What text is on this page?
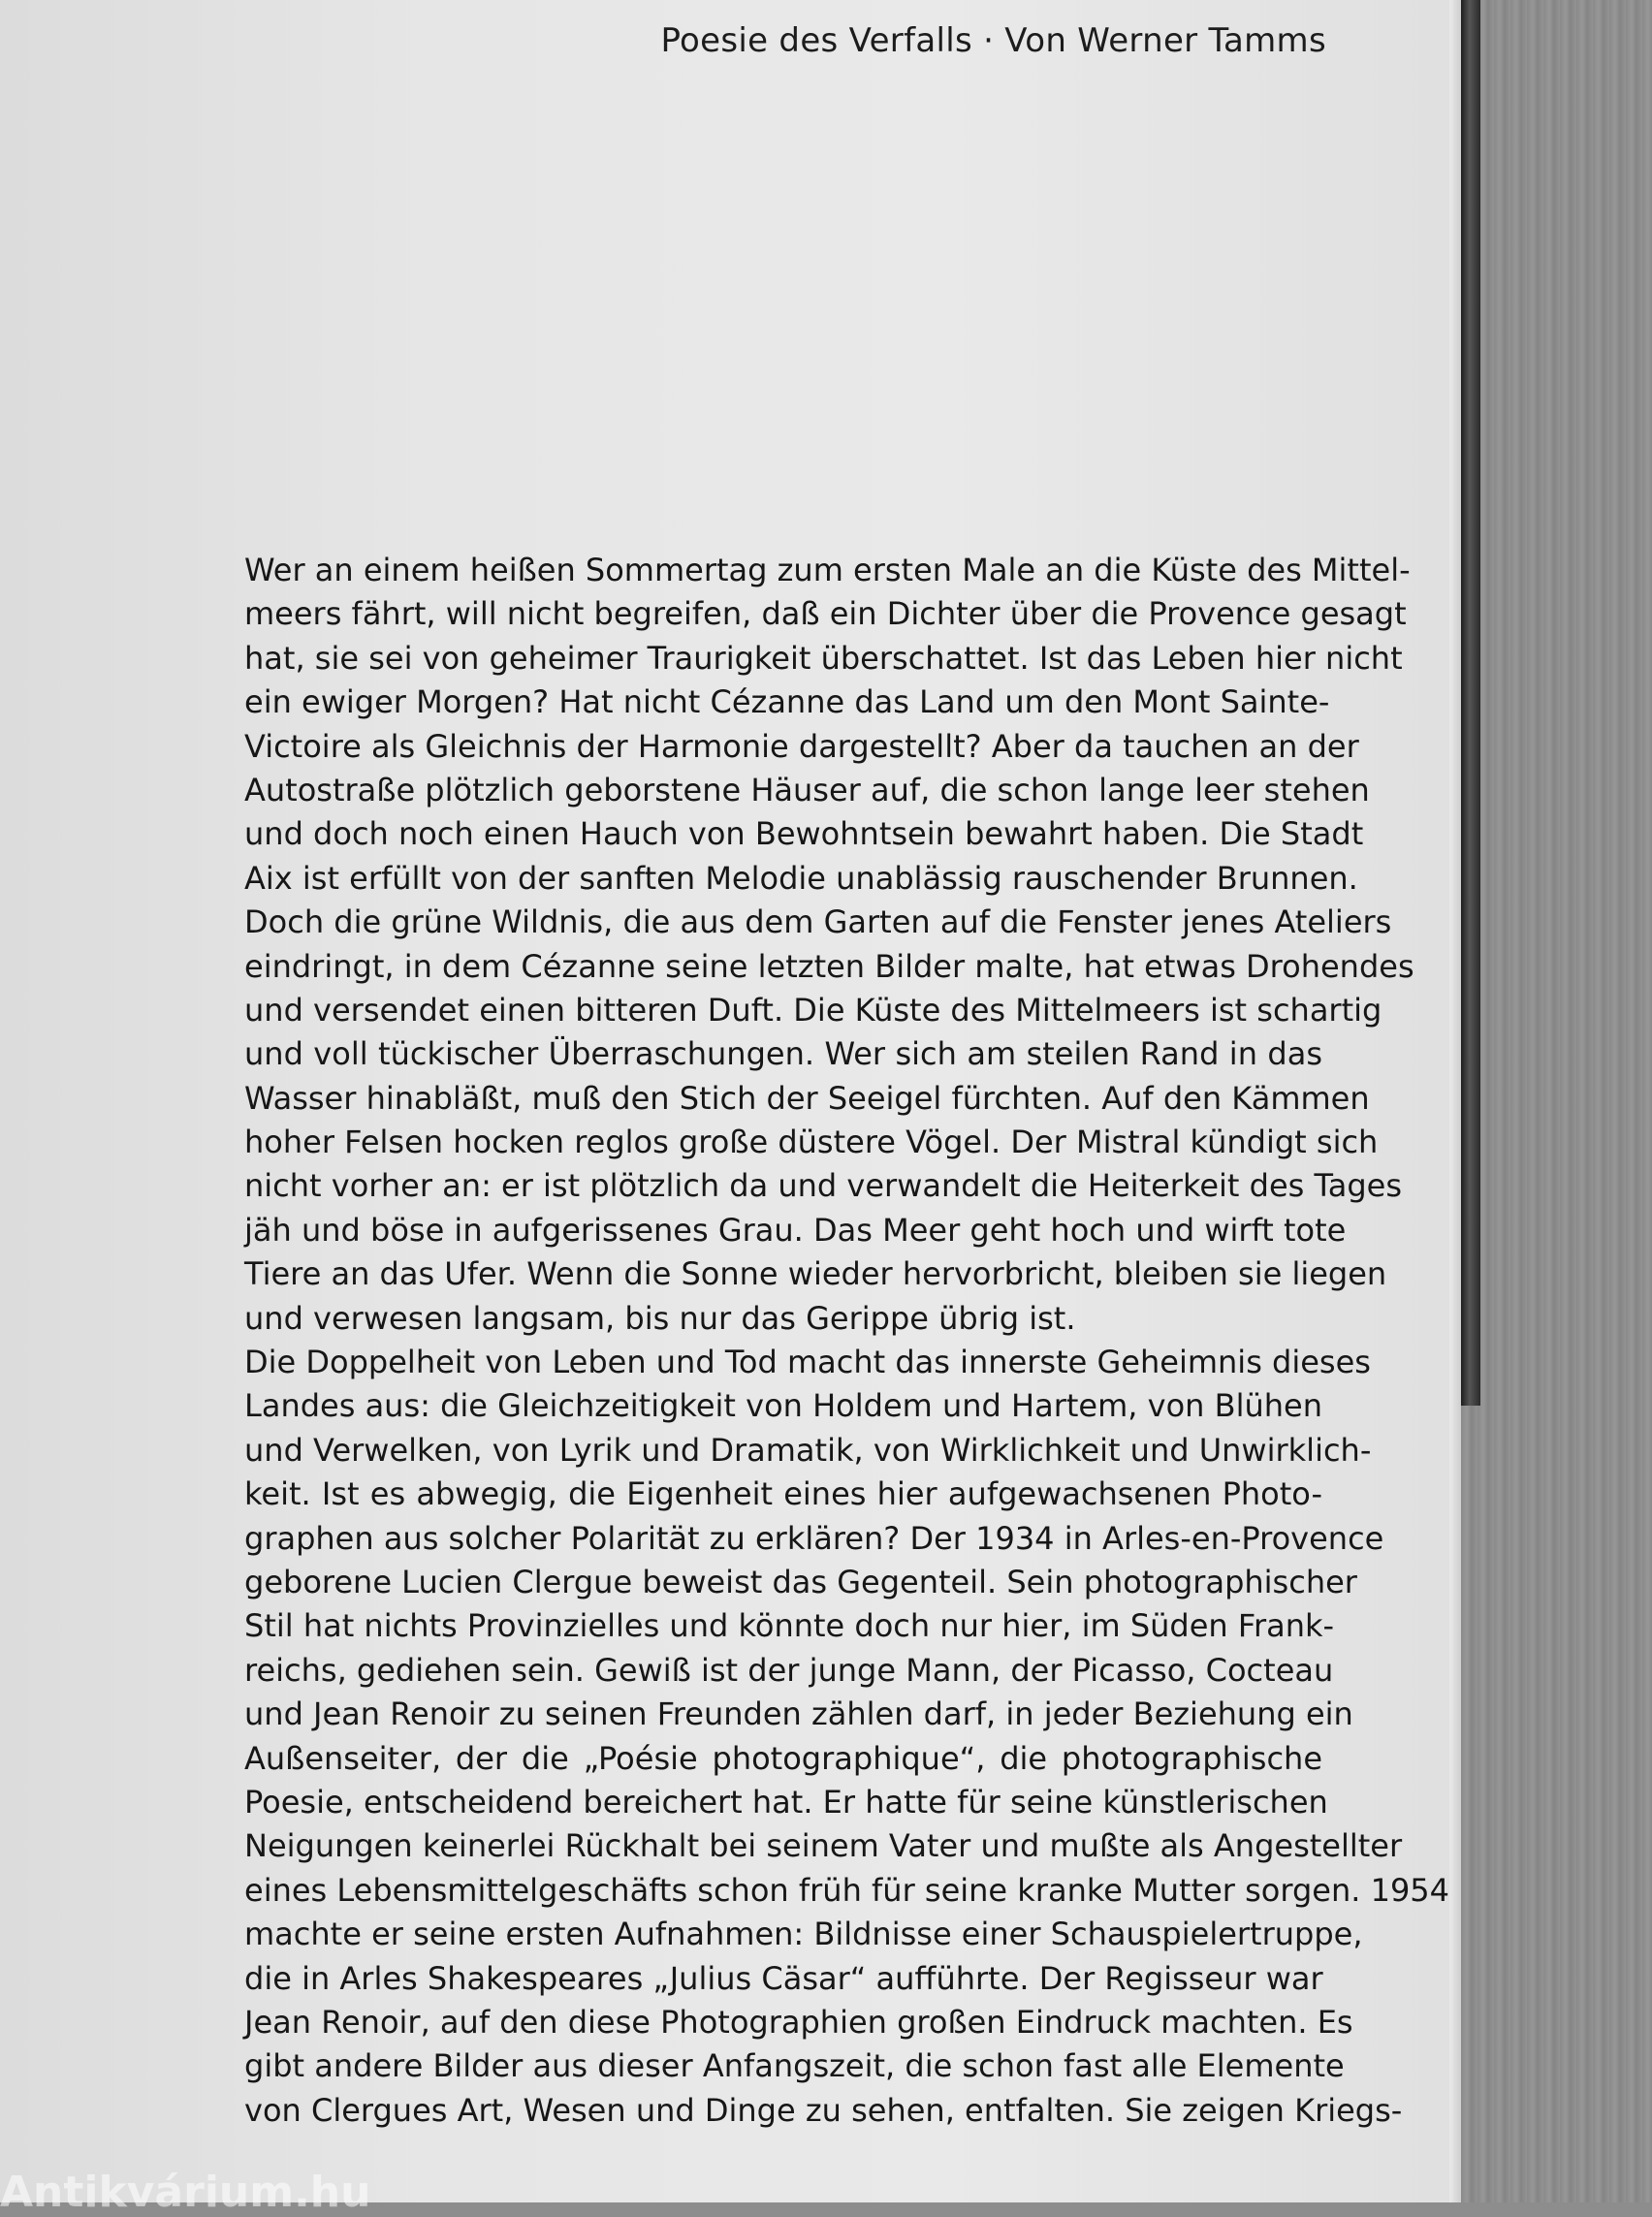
Poesie des Verfalls · Von Werner Tamms
Wer an einem heißen Sommertag zum ersten Male an die Küste des Mittel-
meers fährt, will nicht begreifen, daß ein Dichter über die Provence gesagt
hat, sie sei von geheimer Traurigkeit überschattet. Ist das Leben hier nicht
ein ewiger Morgen? Hat nicht Cézanne das Land um den Mont Sainte-
Victoire als Gleichnis der Harmonie dargestellt? Aber da tauchen an der
Autostraße plötzlich geborstene Häuser auf, die schon lange leer stehen
und doch noch einen Hauch von Bewohntsein bewahrt haben. Die Stadt
Aix ist erfüllt von der sanften Melodie unablässig rauschender Brunnen.
Doch die grüne Wildnis, die aus dem Garten auf die Fenster jenes Ateliers
eindringt, in dem Cézanne seine letzten Bilder malte, hat etwas Drohendes
und versendet einen bitteren Duft. Die Küste des Mittelmeers ist schartig
und voll tückischer Überraschungen. Wer sich am steilen Rand in das
Wasser hinabläßt, muß den Stich der Seeigel fürchten. Auf den Kämmen
hoher Felsen hocken reglos große düstere Vögel. Der Mistral kündigt sich
nicht vorher an: er ist plötzlich da und verwandelt die Heiterkeit des Tages
jäh und böse in aufgerissenes Grau. Das Meer geht hoch und wirft tote
Tiere an das Ufer. Wenn die Sonne wieder hervorbricht, bleiben sie liegen
und verwesen langsam, bis nur das Gerippe übrig ist.
Die Doppelheit von Leben und Tod macht das innerste Geheimnis dieses
Landes aus: die Gleichzeitigkeit von Holdem und Hartem, von Blühen
und Verwelken, von Lyrik und Dramatik, von Wirklichkeit und Unwirklich-
keit. Ist es abwegig, die Eigenheit eines hier aufgewachsenen Photo-
graphen aus solcher Polarität zu erklären? Der 1934 in Arles-en-Provence
geborene Lucien Clergue beweist das Gegenteil. Sein photographischer
Stil hat nichts Provinzielles und könnte doch nur hier, im Süden Frank-
reichs, gediehen sein. Gewiß ist der junge Mann, der Picasso, Cocteau
und Jean Renoir zu seinen Freunden zählen darf, in jeder Beziehung ein
Außenseiter, der die „Poésie photographique“, die photographische
Poesie, entscheidend bereichert hat. Er hatte für seine künstlerischen
Neigungen keinerlei Rückhalt bei seinem Vater und mußte als Angestellter
eines Lebensmittelgeschäfts schon früh für seine kranke Mutter sorgen. 1954
machte er seine ersten Aufnahmen: Bildnisse einer Schauspielertruppe,
die in Arles Shakespeares „Julius Cäsar“ aufführte. Der Regisseur war
Jean Renoir, auf den diese Photographien großen Eindruck machten. Es
gibt andere Bilder aus dieser Anfangszeit, die schon fast alle Elemente
von Clergues Art, Wesen und Dinge zu sehen, entfalten. Sie zeigen Kriegs-
Antikvárium.hu
